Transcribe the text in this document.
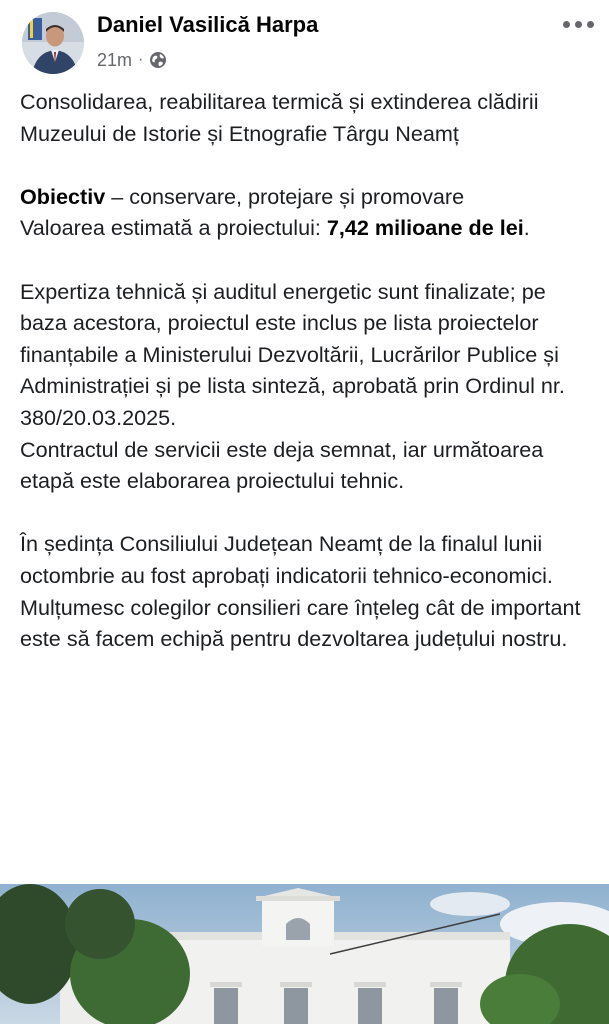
Daniel Vasilică Harpa
21m ·

Consolidarea, reabilitarea termică și extinderea clădirii Muzeului de Istorie și Etnografie Târgu Neamț

Obiectiv – conservare, protejare și promovare

Valoarea estimată a proiectului: 7,42 milioane de lei.

Expertiza tehnică și auditul energetic sunt finalizate; pe baza acestora, proiectul este inclus pe lista proiectelor finanțabile a Ministerului Dezvoltării, Lucrărilor Publice și Administrației și pe lista sinteză, aprobată prin Ordinul nr. 380/20.03.2025.

Contractul de servicii este deja semnat, iar următoarea etapă este elaborarea proiectului tehnic.

În ședința Consiliului Județean Neamț de la finalul lunii octombrie au fost aprobați indicatorii tehnico-economici.

Mulțumesc colegilor consilieri care înțeleg cât de important este să facem echipă pentru dezvoltarea județului nostru.
